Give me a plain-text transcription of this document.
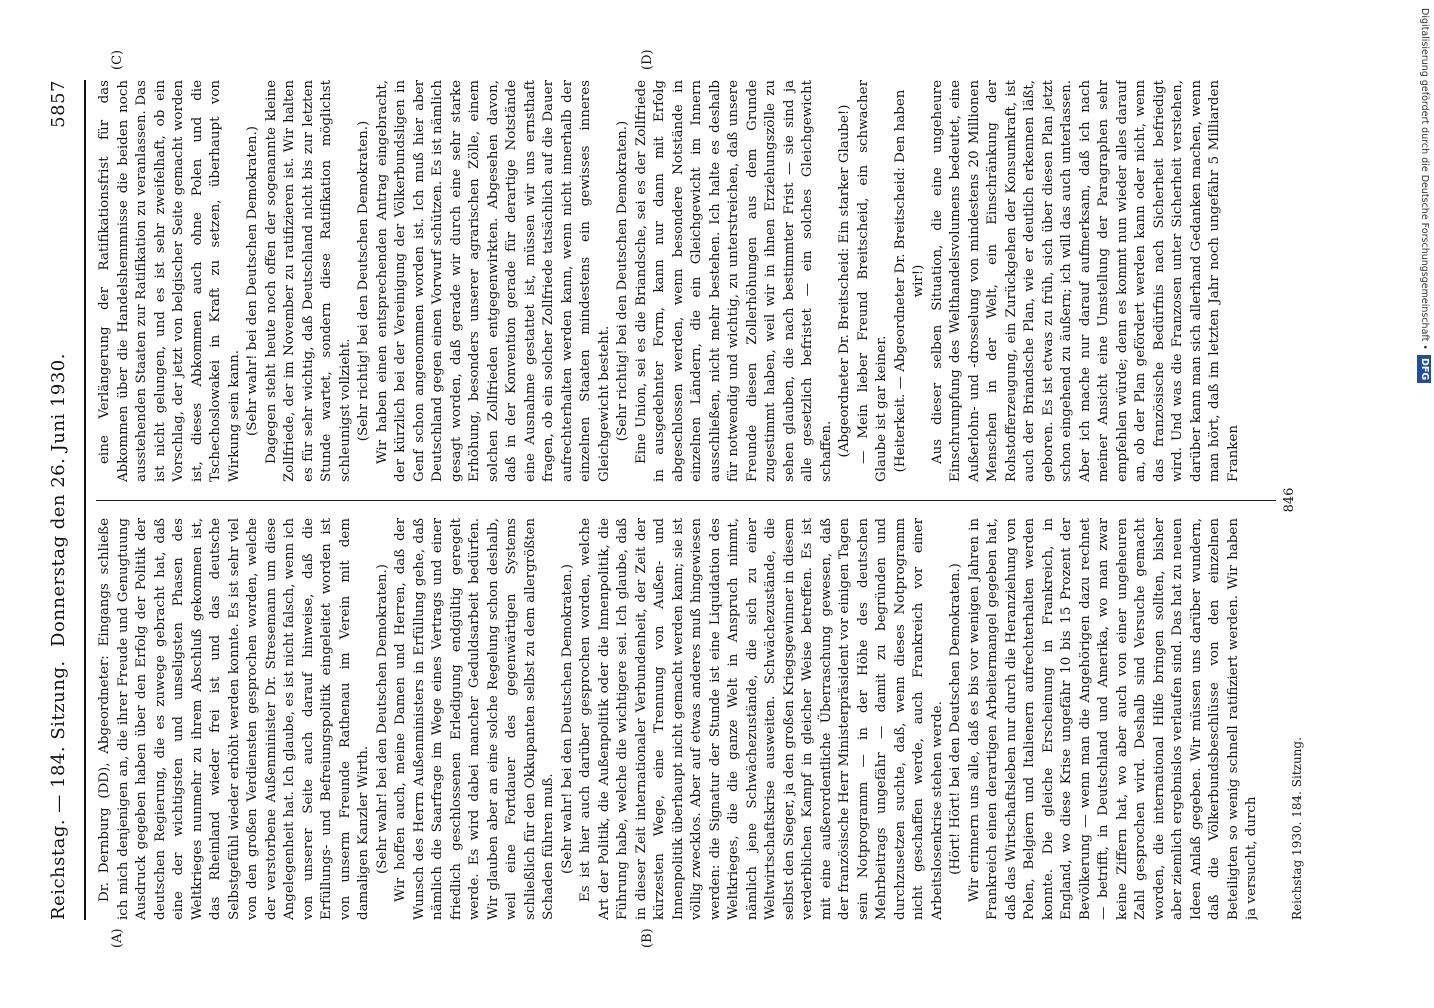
Reichstag. — 184. Sitzung.
Donnerstag den 26. Juni 1930.
5857
(A)	(B)
(C)	(D)

Dr. Dernburg (DD), Abgeordneter: Eingangs schließe ich mich denjenigen an, die ihrer Freude und Genugtuung Ausdruck gegeben haben über den Erfolg der Politik der deutschen Regierung, die es zuwege gebracht hat, daß eine der wichtigsten und unseligsten Phasen des Weltkrieges nunmehr zu ihrem Abschluß gekommen ist, das Rheinland wieder frei ist und das deutsche Selbstgefühl wieder erhöht werden konnte. Es ist sehr viel von den großen Verdiensten gesprochen worden, welche der verstorbene Außenminister Dr. Stresemann um diese Angelegenheit hat. Ich glaube, es ist nicht falsch, wenn ich von unserer Seite auch darauf hinweise, daß die Erfüllungs- und Befreiungspolitik eingeleitet worden ist von unserm Freunde Rathenau im Verein mit dem damaligen Kanzler Wirth. (Sehr wahr! bei den Deutschen Demokraten.) Wir hoffen auch, meine Damen und Herren, daß der Wunsch des Herrn Außenministers in Erfüllung gehe, daß nämlich die Saarfrage im Wege eines Vertrags und einer friedlich geschlossenen Erledigung endgültig geregelt werde. Es wird dabei mancher Geduldsarbeit bedürfen. Wir glauben aber an eine solche Regelung schon deshalb, weil eine Fortdauer des gegenwärtigen Systems schließlich für den Okkupanten selbst zu dem allergrößten Schaden führen muß. (Sehr wahr! bei den Deutschen Demokraten.) Es ist hier auch darüber gesprochen worden, welche Art der Politik, die Außenpolitik oder die Innenpolitik, die Führung habe, welche die wichtigere sei. Ich glaube, daß in dieser Zeit internationaler Verbundenheit, der Zeit der kürzesten Wege, eine Trennung von Außen- und Innenpolitik überhaupt nicht gemacht werden kann; sie ist völlig zwecklos. Aber auf etwas anderes muß hingewiesen werden: die Signatur der Stunde ist eine Liquidation des Weltkrieges, die die ganze Welt in Anspruch nimmt, nämlich jene Schwächezustände, die sich zu einer Weltwirtschaftskrise ausweiten. Schwächezustände, die selbst den Sieger, ja den großen Kriegsgewinner in diesem verderblichen Kampf in gleicher Weise betreffen. Es ist mit eine außerordentliche Überraschung gewesen, daß der französische Herr Ministerpräsident vor einigen Tagen sein Notprogramm — in der Höhe des deutschen Mehrbeitrags ungefähr — damit zu begründen und durchzusetzen suchte, daß, wenn dieses Notprogramm nicht geschaffen werde, auch Frankreich vor einer Arbeitslosenkrise stehen werde. (Hört! Hört! bei den Deutschen Demokraten.) Wir erinnern uns alle, daß es bis vor wenigen Jahren in Frankreich einen derartigen Arbeitermangel gegeben hat, daß das Wirtschaftsleben nur durch die Heranziehung von Polen, Belgiern und Italienern aufrechterhalten werden konnte. Die gleiche Erscheinung in Frankreich, in England, wo diese Krise ungefähr 10 bis 15 Prozent der Bevölkerung — wenn man die Angehörigen dazu rechnet — betrifft, in Deutschland und Amerika, wo man zwar keine Ziffern hat, wo aber auch von einer ungeheuren Zahl gesprochen wird. Deshalb sind Versuche gemacht worden, die international Hilfe bringen sollten, bisher aber ziemlich ergebnislos verlaufen sind. Das hat zu neuen Ideen Anlaß gegeben. Wir müssen uns darüber wundern, daß die Völkerbundsbeschlüsse von den einzelnen Beteiligten so wenig schnell ratifiziert werden. Wir haben ja versucht, durch

eine Verlängerung der Ratifikationsfrist für das Abkommen über die Handelshemmnisse die beiden noch ausstehenden Staaten zur Ratifikation zu veranlassen. Das ist nicht gelungen, und es ist sehr zweifelhaft, ob ein Vorschlag, der jetzt von belgischer Seite gemacht worden ist, dieses Abkommen auch ohne Polen und die Tschechoslowakei in Kraft zu setzen, überhaupt von Wirkung sein kann. (Sehr wahr! bei den Deutschen Demokraten.) Dagegen steht heute noch offen der sogenannte kleine Zollfriede, der im November zu ratifizieren ist. Wir halten es für sehr wichtig, daß Deutschland nicht bis zur letzten Stunde wartet, sondern diese Ratifikation möglichst schleunigst vollzieht. (Sehr richtig! bei den Deutschen Demokraten.) Wir haben einen entsprechenden Antrag eingebracht, der kürzlich bei der Vereinigung der Völkerbundsligen in Genf schon angenommen worden ist. Ich muß hier aber Deutschland gegen einen Vorwurf schützen. Es ist nämlich gesagt worden, daß gerade wir durch eine sehr starke Erhöhung, besonders unserer agrarischen Zölle, einem solchen Zollfrieden entgegenwirkten. Abgesehen davon, daß in der Konvention gerade für derartige Notstände eine Ausnahme gestattet ist, müssen wir uns ernsthaft fragen, ob ein solcher Zollfriede tatsächlich auf die Dauer aufrechterhalten werden kann, wenn nicht innerhalb der einzelnen Staaten mindestens ein gewisses inneres Gleichgewicht besteht. (Sehr richtig! bei den Deutschen Demokraten.) Eine Union, sei es die Briandsche, sei es der Zollfriede in ausgedehnter Form, kann nur dann mit Erfolg abgeschlossen werden, wenn besondere Notstände in einzelnen Ländern, die ein Gleichgewicht im Innern ausschließen, nicht mehr bestehen. Ich halte es deshalb für notwendig und wichtig, zu unterstreichen, daß unsere Freunde diesen Zollerhöhungen aus dem Grunde zugestimmt haben, weil wir in ihnen Erziehungszölle zu sehen glauben, die nach bestimmter Frist — sie sind ja alle gesetzlich befristet — ein solches Gleichgewicht schaffen. (Abgeordneter Dr. Breitscheid: Ein starker Glaube!) — Mein lieber Freund Breitscheid, ein schwacher Glaube ist gar keiner. (Heiterkeit. — Abgeordneter Dr. Breitscheid: Den haben wir!) Aus dieser selben Situation, die eine ungeheure Einschrumpfung des Welthandelsvolumens bedeutet, eine Außerlohn- und -drosselung von mindestens 20 Millionen Menschen in der Welt, ein Einschränkung der Rohstofferzeugung, ein Zurückgehen der Konsumkraft, ist auch der Briandsche Plan, wie er deutlich erkennen läßt, geboren. Es ist etwas zu früh, sich über diesen Plan jetzt schon eingehend zu äußern; ich will das auch unterlassen. Aber ich mache nur darauf aufmerksam, daß ich nach meiner Ansicht eine Umstellung der Paragraphen sehr empfehlen würde; denn es kommt nun wieder alles darauf an, ob der Plan gefördert werden kann oder nicht, wenn das französische Bedürfnis nach Sicherheit befriedigt wird. Und was die Franzosen unter Sicherheit verstehen, darüber kann man sich allerhand Gedanken machen, wenn man hört, daß im letzten Jahr noch ungefähr 5 Milliarden Franken

Reichstag 1930. 184. Sitzung.
846
Digitalisierung gefördert durch die Deutsche Forschungsgemeinschaft • DFG
